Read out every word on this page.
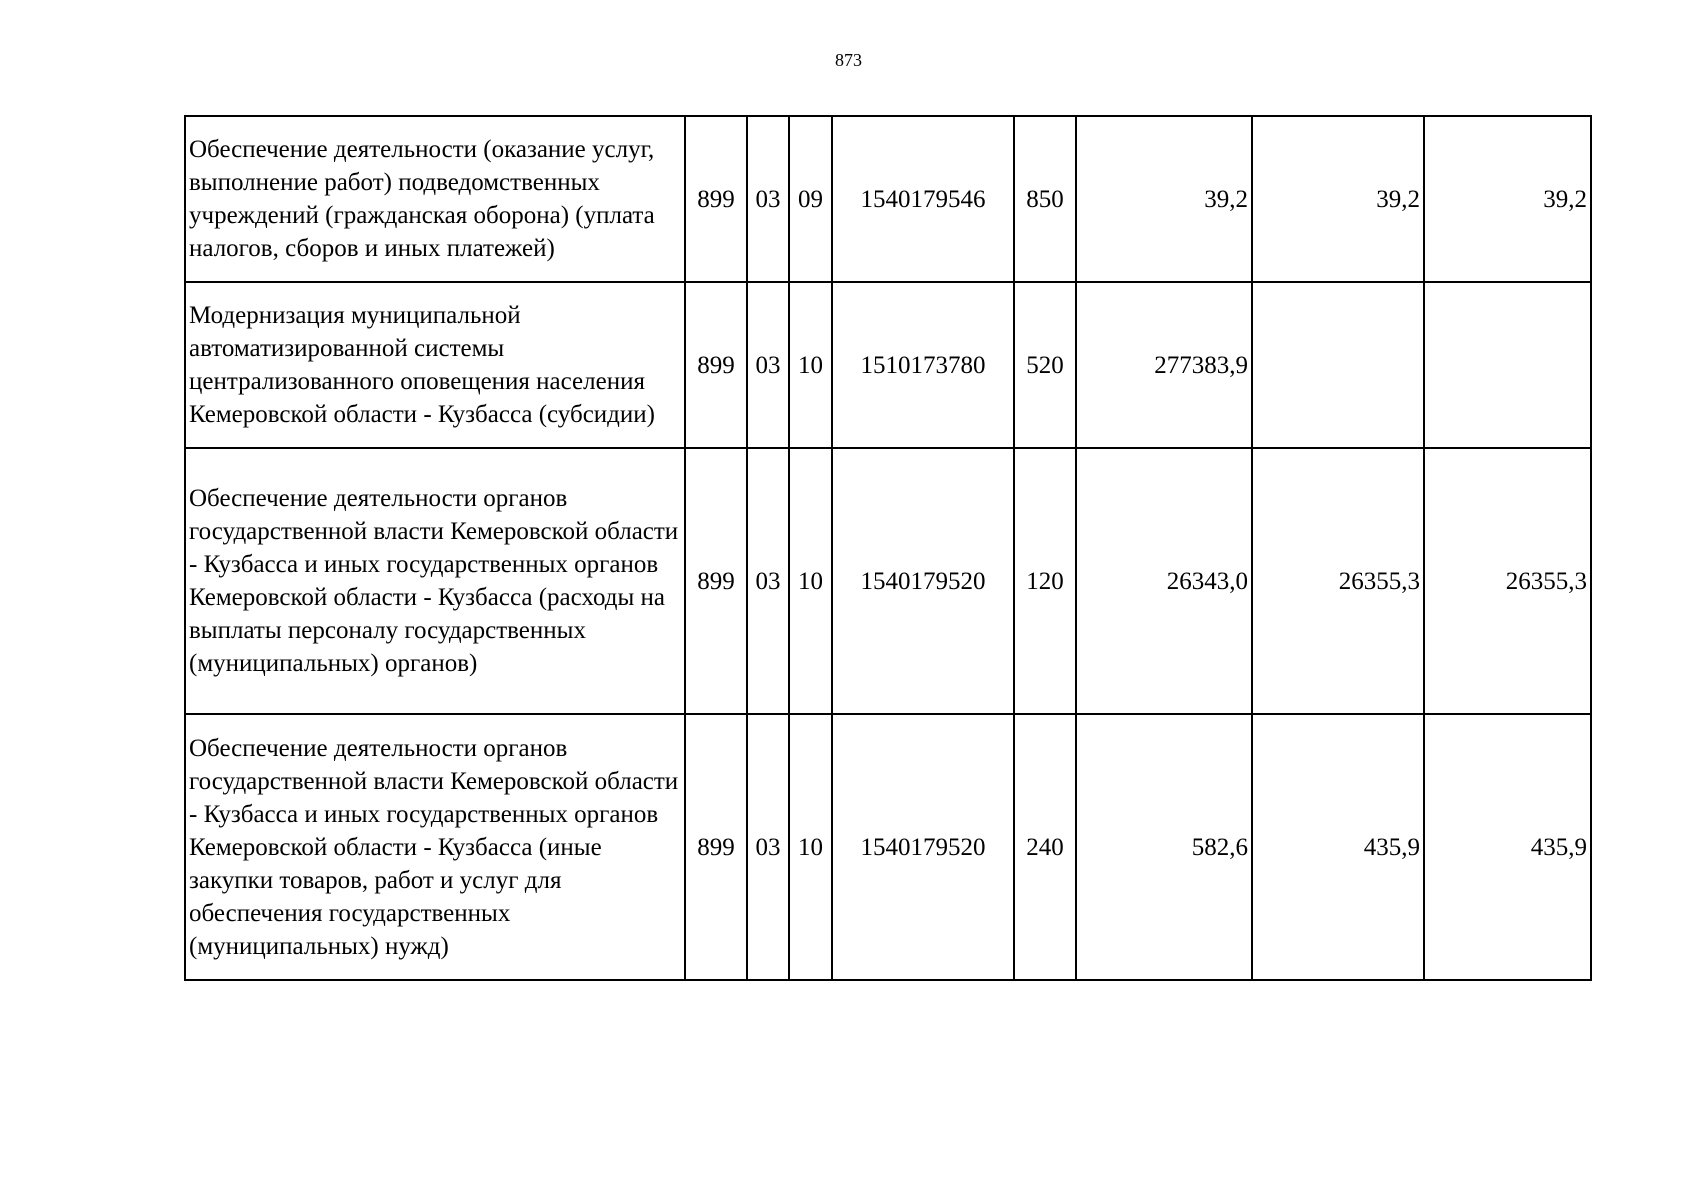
873
Обеспечение деятельности (оказание услуг, выполнение работ) подведомственных учреждений (гражданская оборона) (уплата налогов, сборов и иных платежей)	899	03	09	1540179546	850	39,2	39,2	39,2
Модернизация муниципальной автоматизированной системы централизованного оповещения населения Кемеровской области - Кузбасса (субсидии)	899	03	10	1510173780	520	277383,9		
Обеспечение деятельности органов государственной власти Кемеровской области - Кузбасса и иных государственных органов Кемеровской области - Кузбасса (расходы на выплаты персоналу государственных (муниципальных) органов)	899	03	10	1540179520	120	26343,0	26355,3	26355,3
Обеспечение деятельности органов государственной власти Кемеровской области - Кузбасса и иных государственных органов Кемеровской области - Кузбасса (иные закупки товаров, работ и услуг для обеспечения государственных (муниципальных) нужд)	899	03	10	1540179520	240	582,6	435,9	435,9
